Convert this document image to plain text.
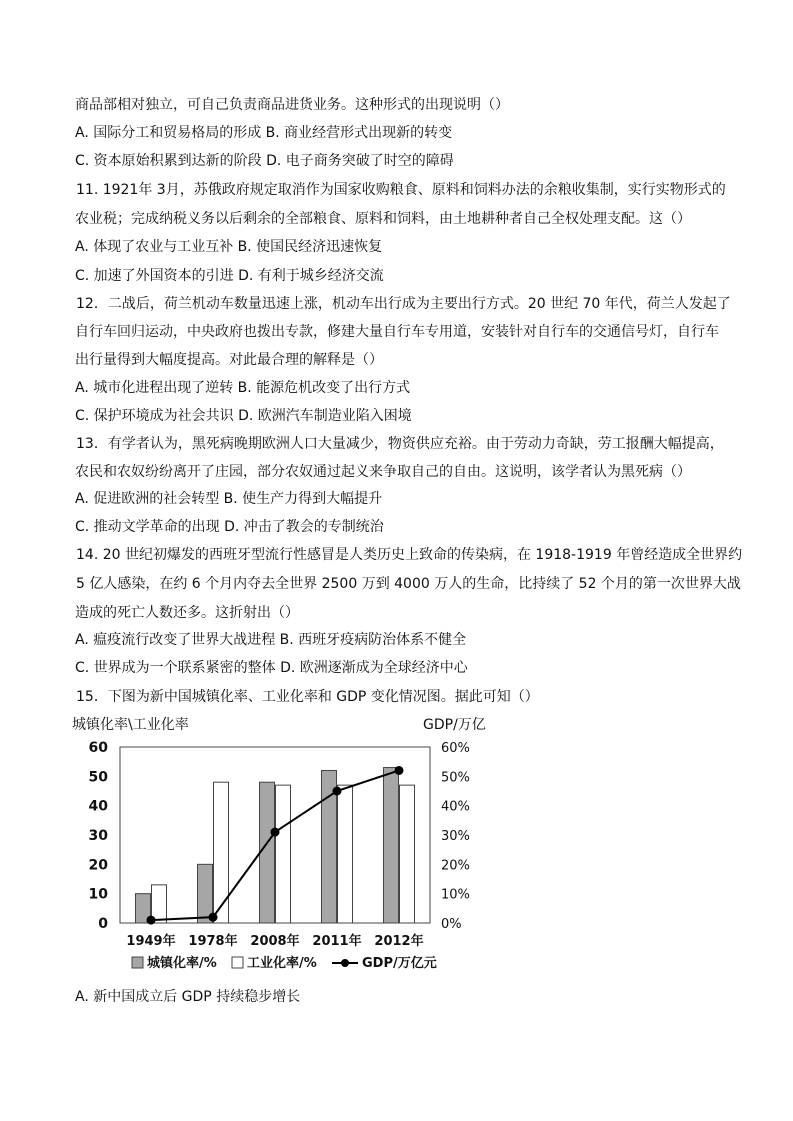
商品部相对独立，可自己负责商品进货业务。这种形式的出现说明（）
A. 国际分工和贸易格局的形成 B. 商业经营形式出现新的转变
C. 资本原始积累到达新的阶段 D. 电子商务突破了时空的障碍
11. 1921年 3月，苏俄政府规定取消作为国家收购粮食、原料和饲料办法的余粮收集制，实行实物形式的
农业税；完成纳税义务以后剩余的全部粮食、原料和饲料，由土地耕种者自己全权处理支配。这（）
A. 体现了农业与工业互补 B. 使国民经济迅速恢复
C. 加速了外国资本的引进 D. 有利于城乡经济交流
12．二战后，荷兰机动车数量迅速上涨，机动车出行成为主要出行方式。20 世纪 70 年代，荷兰人发起了
自行车回归运动，中央政府也拨出专款，修建大量自行车专用道，安装针对自行车的交通信号灯，自行车
出行量得到大幅度提高。对此最合理的解释是（）
A. 城市化进程出现了逆转 B. 能源危机改变了出行方式
C. 保护环境成为社会共识 D. 欧洲汽车制造业陷入困境
13．有学者认为，黑死病晚期欧洲人口大量减少，物资供应充裕。由于劳动力奇缺，劳工报酬大幅提高，
农民和农奴纷纷离开了庄园，部分农奴通过起义来争取自己的自由。这说明，该学者认为黑死病（）
A. 促进欧洲的社会转型 B. 使生产力得到大幅提升
C. 推动文学革命的出现 D. 冲击了教会的专制统治
14. 20 世纪初爆发的西班牙型流行性感冒是人类历史上致命的传染病，在 1918-1919 年曾经造成全世界约
5 亿人感染，在约 6 个月内夺去全世界 2500 万到 4000 万人的生命，比持续了 52 个月的第一次世界大战
造成的死亡人数还多。这折射出（）
A. 瘟疫流行改变了世界大战进程 B. 西班牙疫病防治体系不健全
C. 世界成为一个联系紧密的整体 D. 欧洲逐渐成为全球经济中心
15．下图为新中国城镇化率、工业化率和 GDP 变化情况图。据此可知（）
城镇化率\工业化率	GDP/万亿
60
50
40
30
20
10
0
60%
50%
40%
30%
20%
10%
0%
1949年 1978年 2008年 2011年 2012年
城镇化率/% 工业化率/%	GDP/万亿元
A. 新中国成立后 GDP 持续稳步增长
